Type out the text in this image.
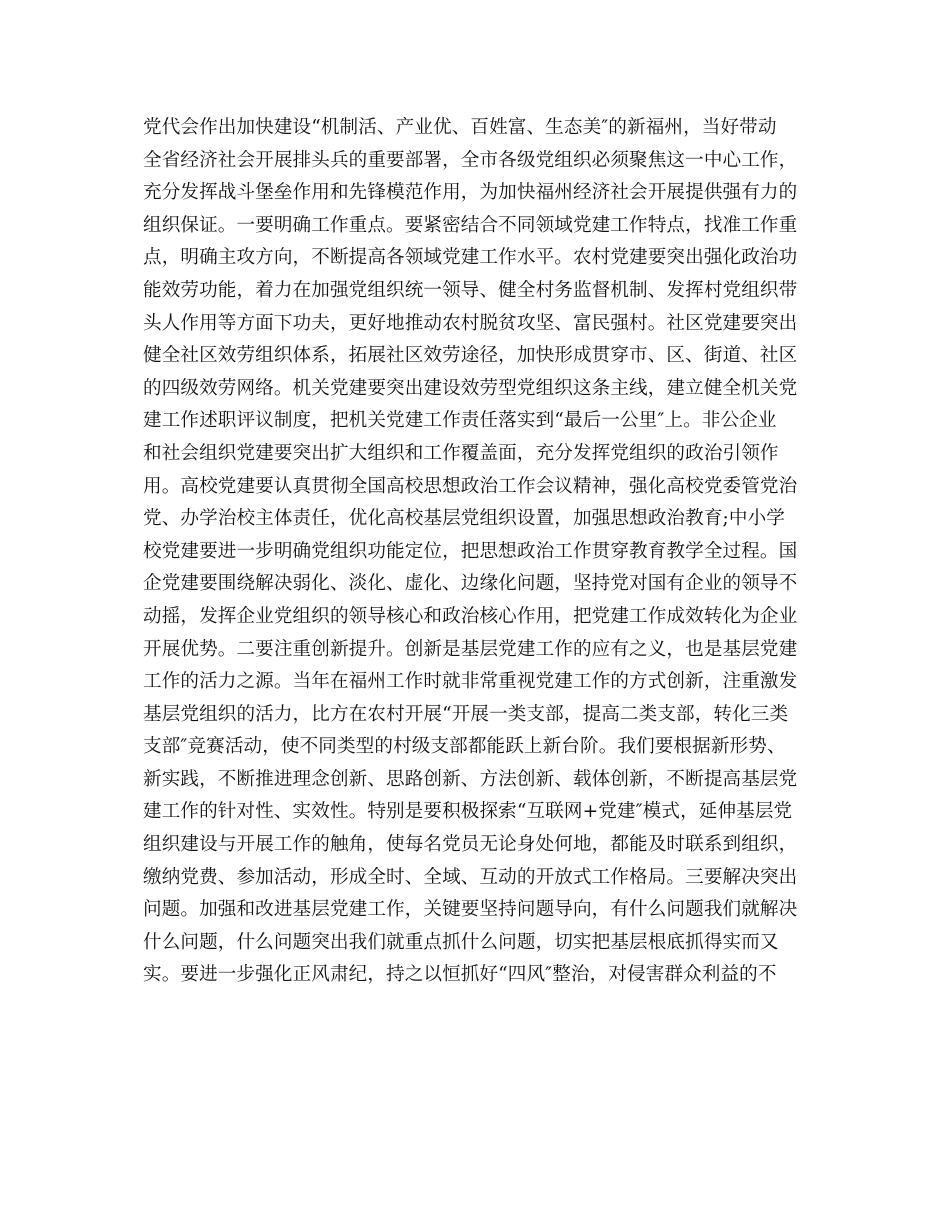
党代会作出加快建设“机制活、产业优、百姓富、生态美″的新福州，当好带动
全省经济社会开展排头兵的重要部署，全市各级党组织必须聚焦这一中心工作，
充分发挥战斗堡垒作用和先锋模范作用，为加快福州经济社会开展提供强有力的
组织保证。一要明确工作重点。要紧密结合不同领域党建工作特点，找准工作重
点，明确主攻方向，不断提高各领域党建工作水平。农村党建要突出强化政治功
能效劳功能，着力在加强党组织统一领导、健全村务监督机制、发挥村党组织带
头人作用等方面下功夫，更好地推动农村脱贫攻坚、富民强村。社区党建要突出
健全社区效劳组织体系，拓展社区效劳途径，加快形成贯穿市、区、街道、社区
的四级效劳网络。机关党建要突出建设效劳型党组织这条主线，建立健全机关党
建工作述职评议制度，把机关党建工作责任落实到“最后一公里″上。非公企业
和社会组织党建要突出扩大组织和工作覆盖面，充分发挥党组织的政治引领作
用。高校党建要认真贯彻全国高校思想政治工作会议精神，强化高校党委管党治
党、办学治校主体责任，优化高校基层党组织设置，加强思想政治教育;中小学
校党建要进一步明确党组织功能定位，把思想政治工作贯穿教育教学全过程。国
企党建要围绕解决弱化、淡化、虚化、边缘化问题，坚持党对国有企业的领导不
动摇，发挥企业党组织的领导核心和政治核心作用，把党建工作成效转化为企业
开展优势。二要注重创新提升。创新是基层党建工作的应有之义，也是基层党建
工作的活力之源。当年在福州工作时就非常重视党建工作的方式创新，注重激发
基层党组织的活力，比方在农村开展“开展一类支部，提高二类支部，转化三类
支部″竞赛活动，使不同类型的村级支部都能跃上新台阶。我们要根据新形势、
新实践，不断推进理念创新、思路创新、方法创新、载体创新，不断提高基层党
建工作的针对性、实效性。特别是要积极探索“互联网+党建″模式，延伸基层党
组织建设与开展工作的触角，使每名党员无论身处何地，都能及时联系到组织，
缴纳党费、参加活动，形成全时、全域、互动的开放式工作格局。三要解决突出
问题。加强和改进基层党建工作，关键要坚持问题导向，有什么问题我们就解决
什么问题，什么问题突出我们就重点抓什么问题，切实把基层根底抓得实而又
实。要进一步强化正风肃纪，持之以恒抓好“四风″整治，对侵害群众利益的不
